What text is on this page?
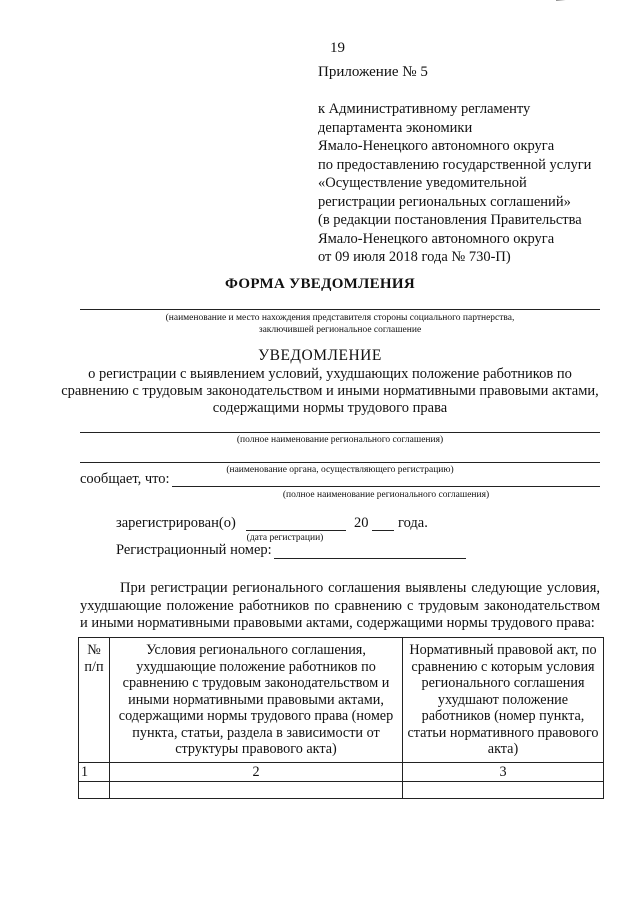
19
Приложение № 5
к Административному регламенту
департамента экономики
Ямало-Ненецкого автономного округа
по предоставлению государственной услуги
«Осуществление уведомительной
регистрации региональных соглашений»
(в редакции постановления Правительства
Ямало-Ненецкого автономного округа
от 09 июля 2018 года № 730-П)
ФОРМА УВЕДОМЛЕНИЯ
(наименование и место нахождения представителя стороны социального партнерства,
заключившей региональное соглашение
УВЕДОМЛЕНИЕ
о регистрации с выявлением условий, ухудшающих положение работников по сравнению с трудовым законодательством и иными нормативными правовыми актами, содержащими нормы трудового права
(полное наименование регионального соглашения)
(наименование органа, осуществляющего регистрацию)
сообщает, что:
(полное наименование регионального соглашения)
зарегистрирован(о)	20 года.
(дата регистрации)
Регистрационный номер:
При регистрации регионального соглашения выявлены следующие условия, ухудшающие положение работников по сравнению с трудовым законодательством и иными нормативными правовыми актами, содержащими нормы трудового права:
№ п/п	Условия регионального соглашения, ухудшающие положение работников по сравнению с трудовым законодательством и иными нормативными правовыми актами, содержащими нормы трудового права (номер пункта, статьи, раздела в зависимости от структуры правового акта)	Нормативный правовой акт, по сравнению с которым условия регионального соглашения ухудшают положение работников (номер пункта, статьи нормативного правового акта)
1	2	3
